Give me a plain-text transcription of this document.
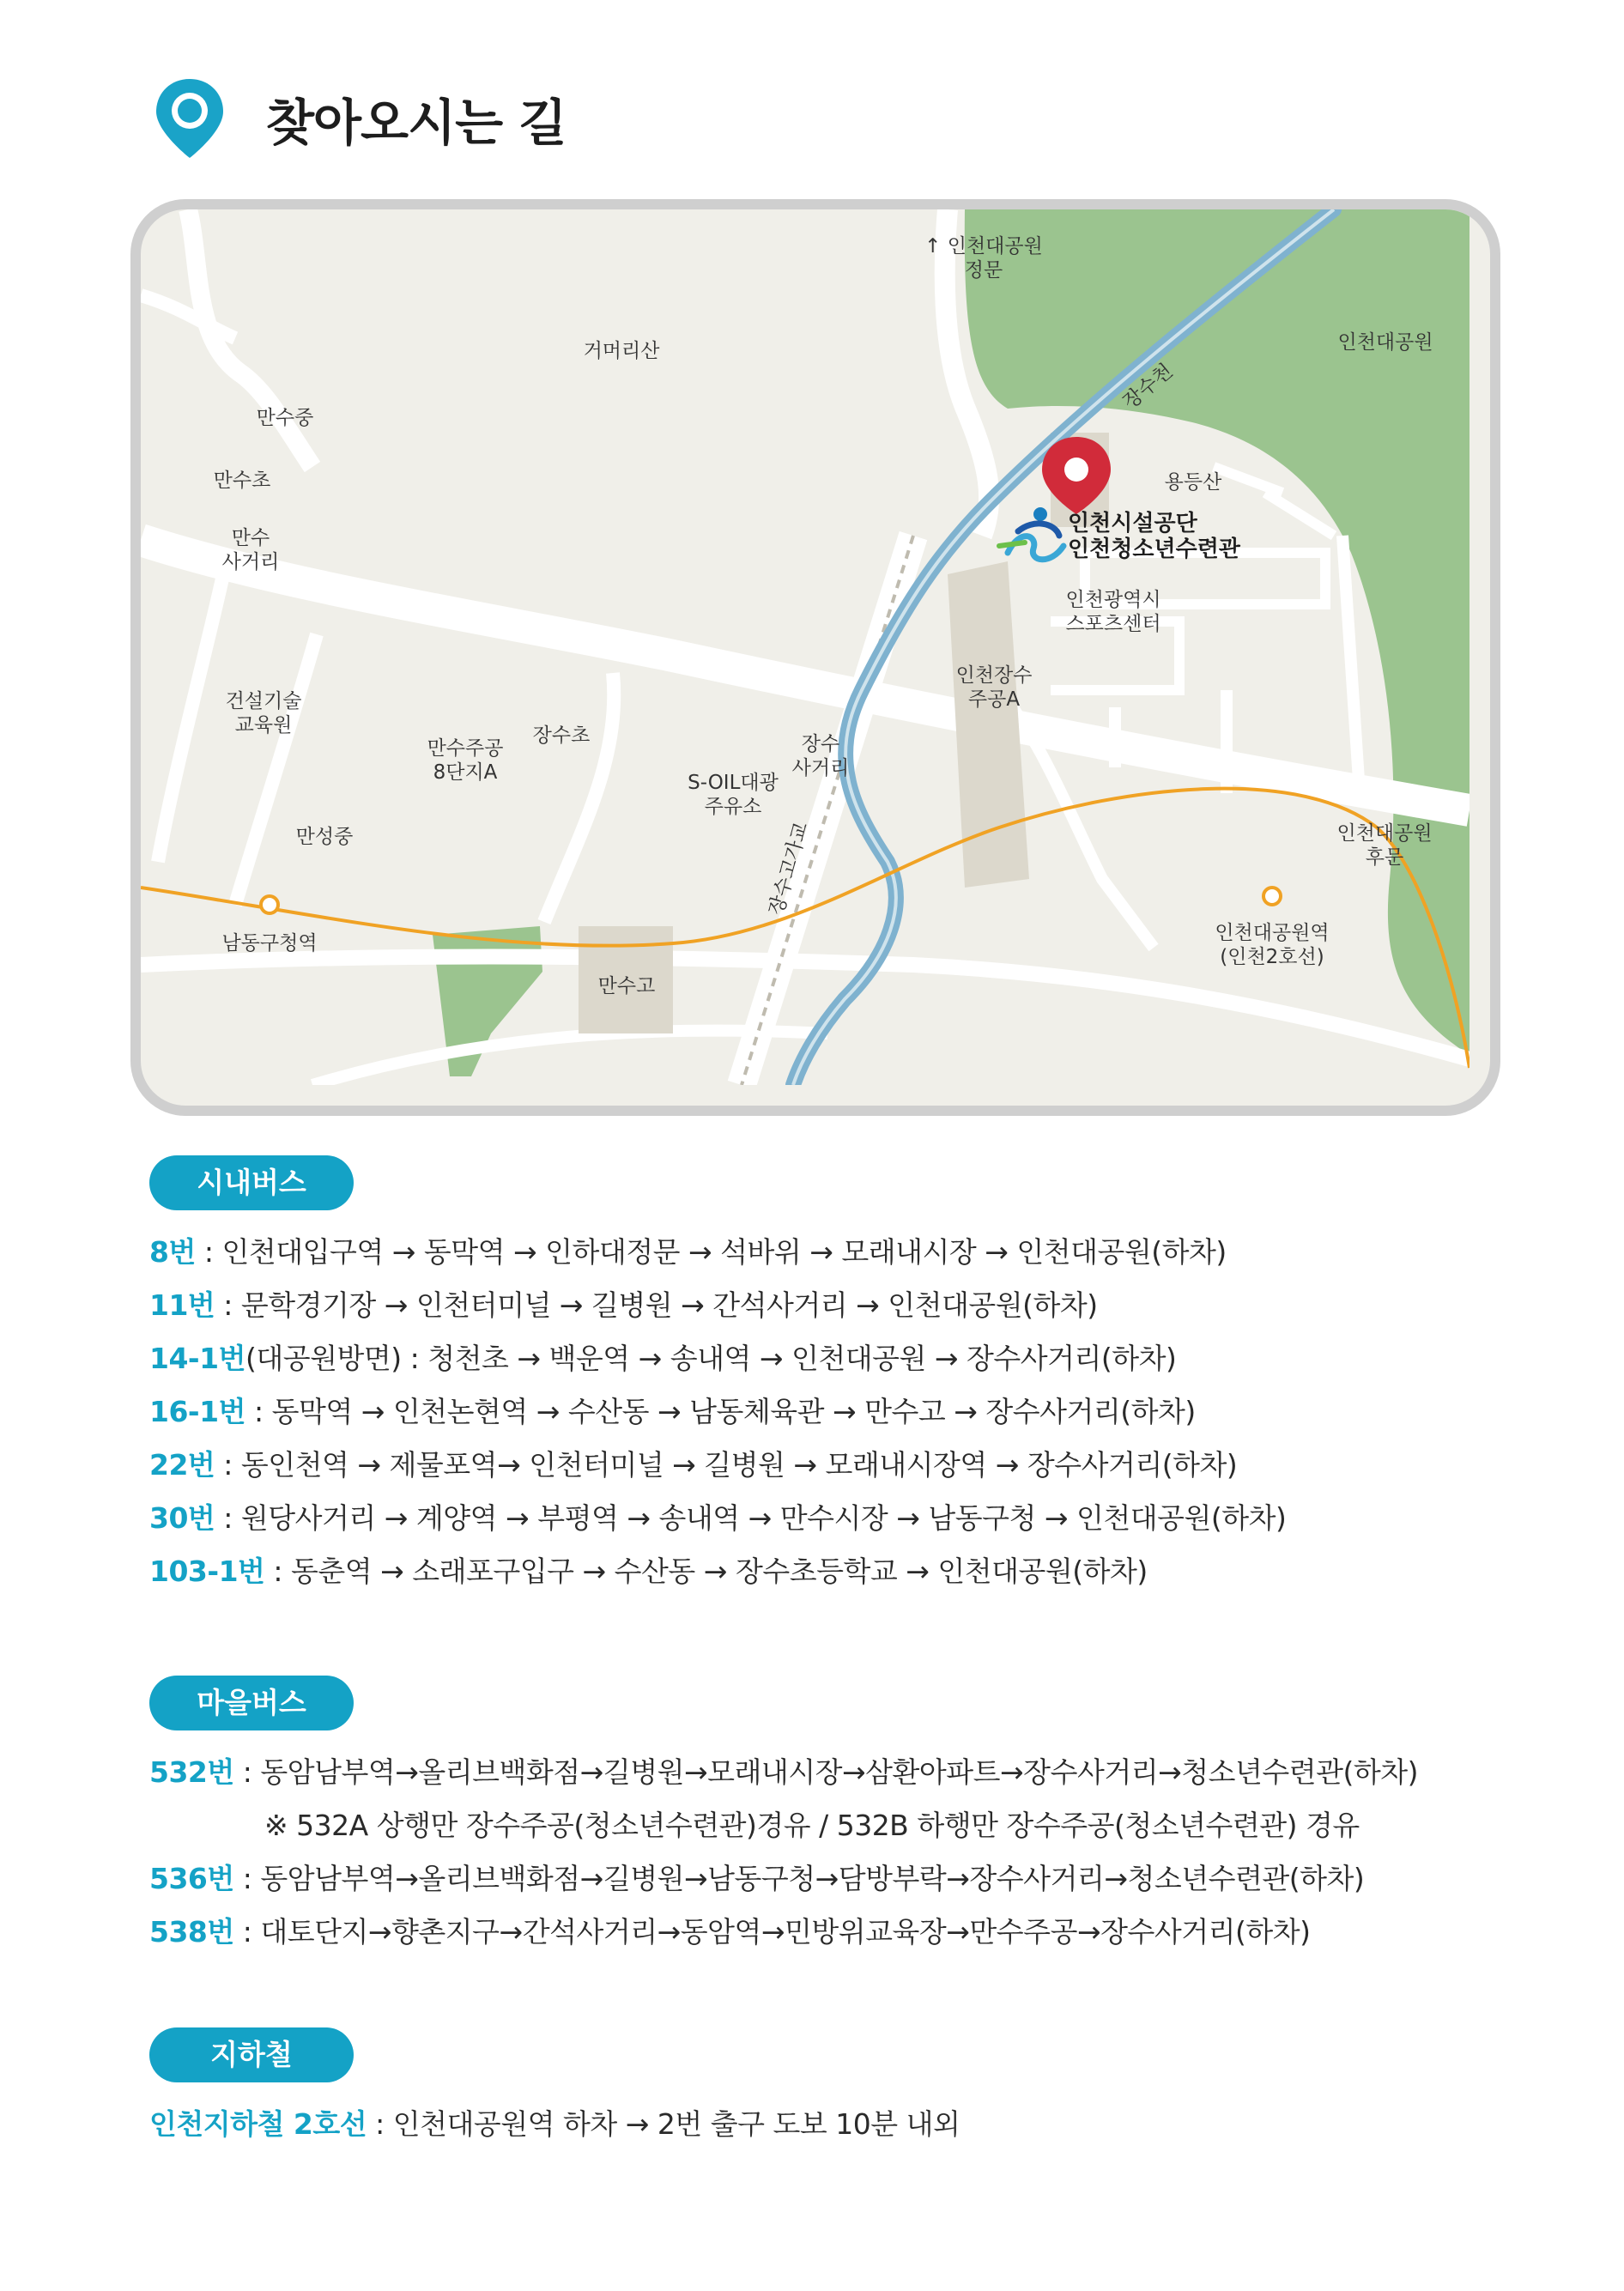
찾아오시는 길
인천시설공단
인천청소년수련관
↑ 인천대공원 정문
인천대공원
거머리산
장수천
만수중
만수초
만수 사거리
용등산
인천광역시 스포츠센터
건설기술 교육원
인천장수 주공A
만수주공 8단지A
장수초
S-OIL대광 주유소
장수 사거리
만성중	인천대공원 후문
남동구청역	인천대공원역 (인천2호선)
장수고가교
만수고
시내버스
8번 : 인천대입구역 → 동막역 → 인하대정문 → 석바위 → 모래내시장 → 인천대공원(하차)
11번 : 문학경기장 → 인천터미널 → 길병원 → 간석사거리 → 인천대공원(하차)
14-1번(대공원방면) : 청천초 → 백운역 → 송내역 → 인천대공원 → 장수사거리(하차)
16-1번 : 동막역 → 인천논현역 → 수산동 → 남동체육관 → 만수고 → 장수사거리(하차)
22번 : 동인천역 → 제물포역→ 인천터미널 → 길병원 → 모래내시장역 → 장수사거리(하차)
30번 : 원당사거리 → 계양역 → 부평역 → 송내역 → 만수시장 → 남동구청 → 인천대공원(하차)
103-1번 : 동춘역 → 소래포구입구 → 수산동 → 장수초등학교 → 인천대공원(하차)
마을버스
532번 : 동암남부역→올리브백화점→길병원→모래내시장→삼환아파트→장수사거리→청소년수련관(하차)
※ 532A 상행만 장수주공(청소년수련관)경유 / 532B 하행만 장수주공(청소년수련관) 경유
536번 : 동암남부역→올리브백화점→길병원→남동구청→담방부락→장수사거리→청소년수련관(하차)
538번 : 대토단지→향촌지구→간석사거리→동암역→민방위교육장→만수주공→장수사거리(하차)
지하철
인천지하철 2호선 : 인천대공원역 하차 → 2번 출구 도보 10분 내외
